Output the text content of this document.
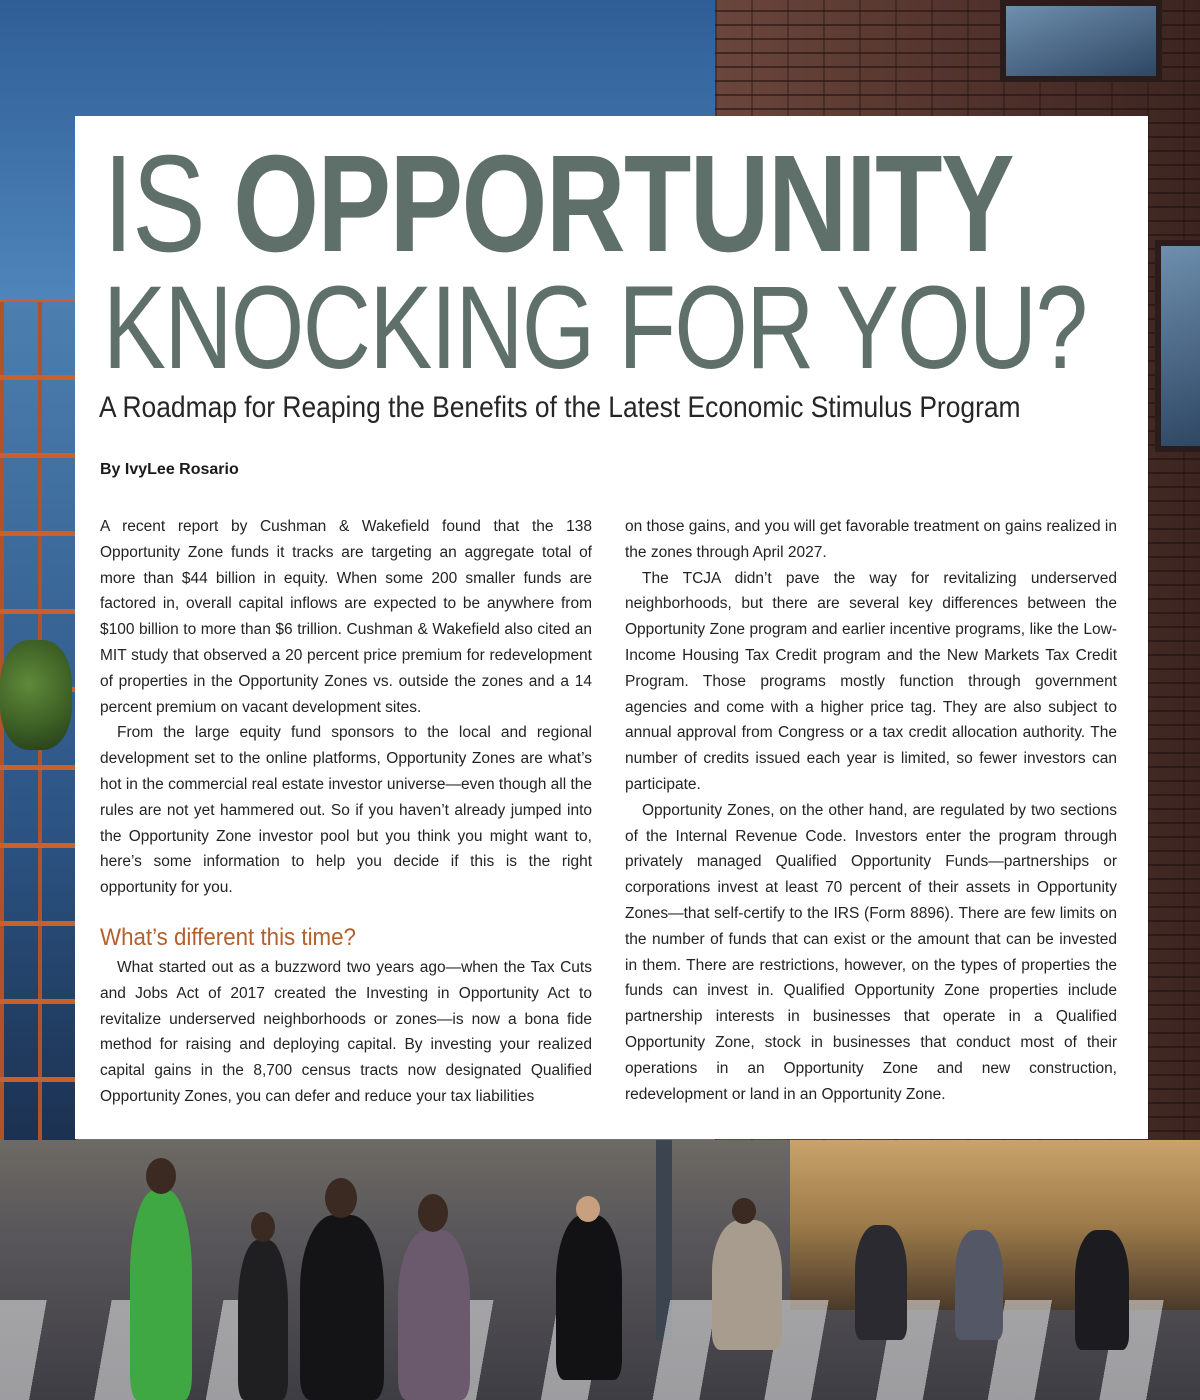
IS OPPORTUNITY
KNOCKING FOR YOU?
A Roadmap for Reaping the Benefits of the Latest Economic Stimulus Program
By IvyLee Rosario

A recent report by Cushman & Wakefield found that the 138 Opportunity Zone funds it tracks are targeting an aggregate total of more than $44 billion in equity. When some 200 smaller funds are factored in, overall capital inflows are expected to be anywhere from $100 billion to more than $6 trillion. Cushman & Wakefield also cited an MIT study that observed a 20 percent price premium for redevelopment of properties in the Opportunity Zones vs. outside the zones and a 14 percent premium on vacant development sites.

From the large equity fund sponsors to the local and regional development set to the online platforms, Opportunity Zones are what’s hot in the commercial real estate investor universe—even though all the rules are not yet hammered out. So if you haven’t already jumped into the Opportunity Zone investor pool but you think you might want to, here’s some information to help you decide if this is the right opportunity for you.

What’s different this time?

What started out as a buzzword two years ago—when the Tax Cuts and Jobs Act of 2017 created the Investing in Opportunity Act to revitalize underserved neighborhoods or zones—is now a bona fide method for raising and deploying capital. By investing your realized capital gains in the 8,700 census tracts now designated Qualified Opportunity Zones, you can defer and reduce your tax liabilities

on those gains, and you will get favorable treatment on gains realized in the zones through April 2027.

The TCJA didn’t pave the way for revitalizing underserved neighborhoods, but there are several key differences between the Opportunity Zone program and earlier incentive programs, like the Low-Income Housing Tax Credit program and the New Markets Tax Credit Program. Those programs mostly function through government agencies and come with a higher price tag. They are also subject to annual approval from Congress or a tax credit allocation authority. The number of credits issued each year is limited, so fewer investors can participate.

Opportunity Zones, on the other hand, are regulated by two sections of the Internal Revenue Code. Investors enter the program through privately managed Qualified Opportunity Funds—partnerships or corporations invest at least 70 percent of their assets in Opportunity Zones—that self-certify to the IRS (Form 8896). There are few limits on the number of funds that can exist or the amount that can be invested in them. There are restrictions, however, on the types of properties the funds can invest in. Qualified Opportunity Zone properties include partnership interests in businesses that operate in a Qualified Opportunity Zone, stock in businesses that conduct most of their operations in an Opportunity Zone and new construction, redevelopment or land in an Opportunity Zone.
